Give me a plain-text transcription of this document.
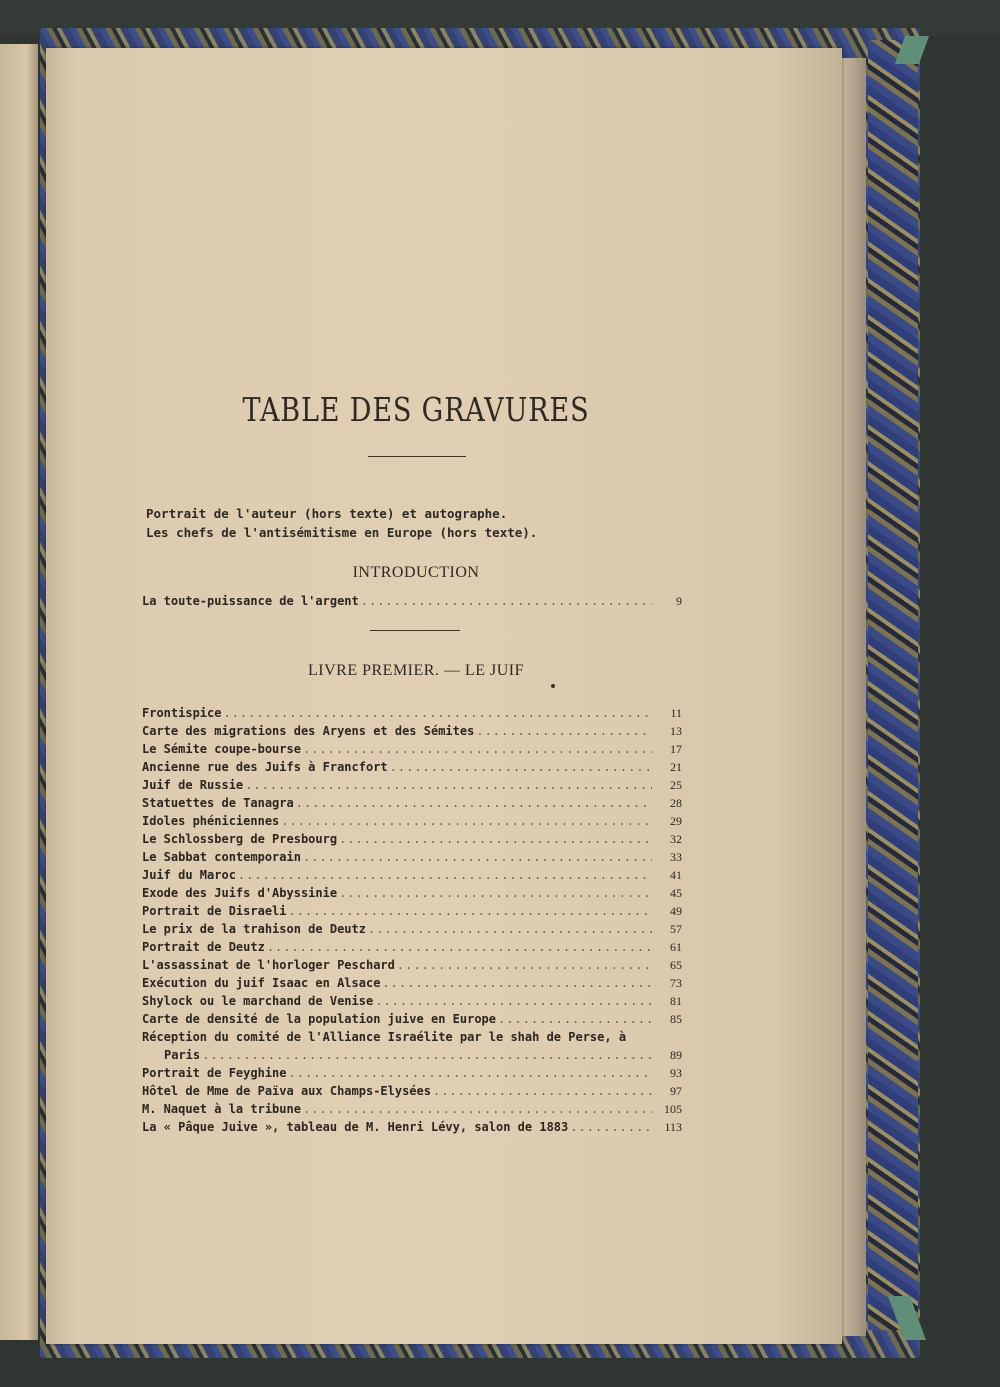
TABLE DES GRAVURES
Portrait de l'auteur (hors texte) et autographe.
Les chefs de l'antisémitisme en Europe (hors texte).
INTRODUCTION
La toute-puissance de l'argent .....	9
LIVRE PREMIER. — LE JUIF
Frontispice .....	11
Carte des migrations des Aryens et des Sémites .....	13
Le Sémite coupe-bourse .....	17
Ancienne rue des Juifs à Francfort .....	21
Juif de Russie .....	25
Statuettes de Tanagra .....	28
Idoles phéniciennes .....	29
Le Schlossberg de Presbourg .....	32
Le Sabbat contemporain .....	33
Juif du Maroc .....	41
Exode des Juifs d'Abyssinie .....	45
Portrait de Disraeli .....	49
Le prix de la trahison de Deutz .....	57
Portrait de Deutz .....	61
L'assassinat de l'horloger Peschard .....	65
Exécution du juif Isaac en Alsace .....	73
Shylock ou le marchand de Venise .....	81
Carte de densité de la population juive en Europe .....	85
Réception du comité de l'Alliance Israélite par le shah de Perse, à
Paris .....	89
Portrait de Feyghine .....	93
Hôtel de Mme de Païva aux Champs-Elysées .....	97
M. Naquet à la tribune .....	105
La « Pâque Juive », tableau de M. Henri Lévy, salon de 1883 .....	113
